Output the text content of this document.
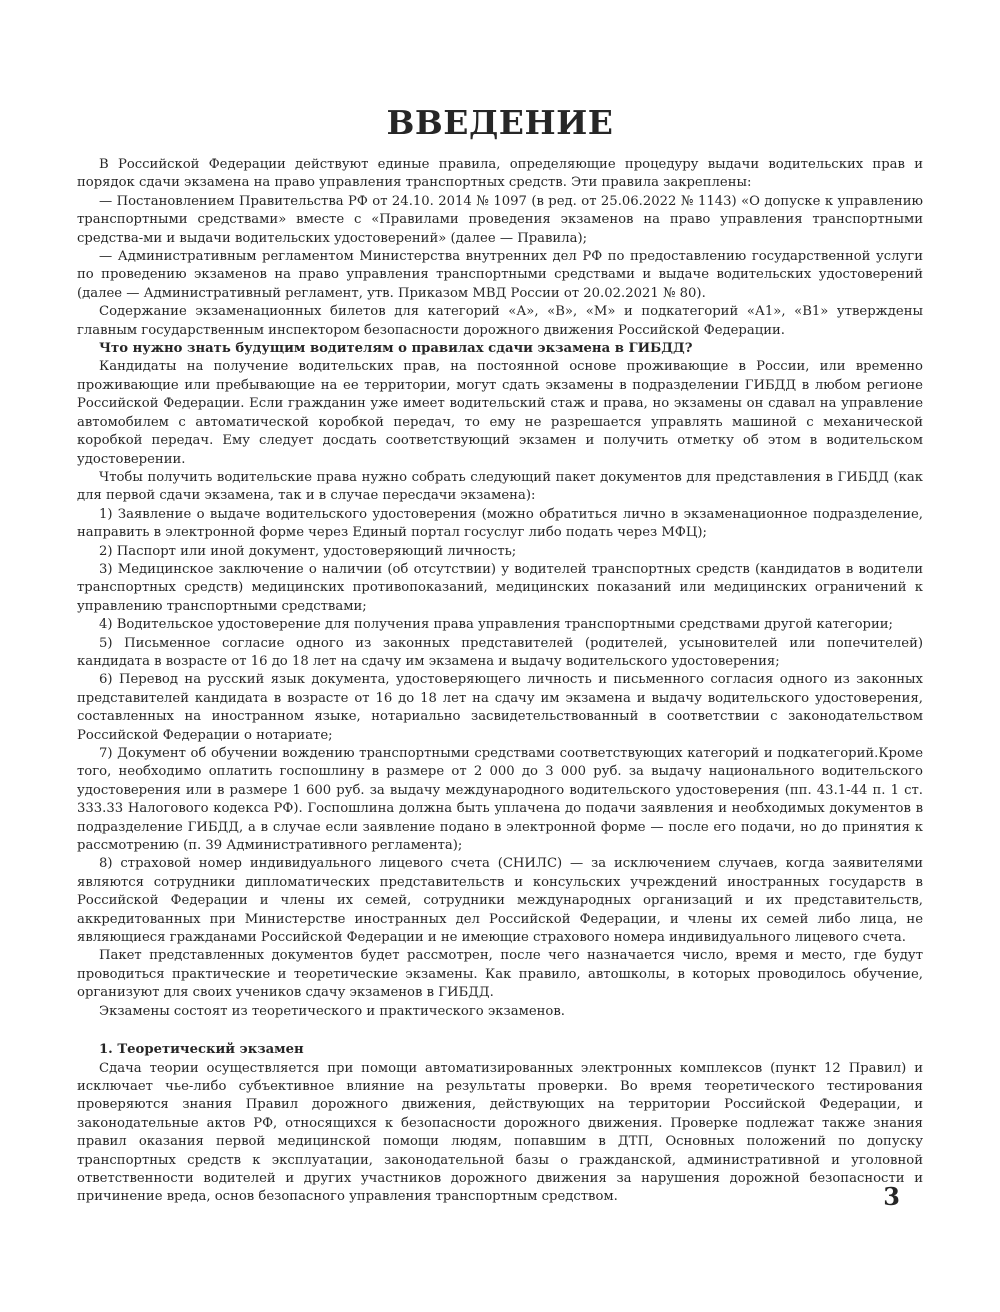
ВВЕДЕНИЕ

В Российской Федерации действуют единые правила, определяющие процедуру выдачи водительских прав и порядок сдачи экзамена на право управления транспортных средств. Эти правила закреплены:

— Постановлением Правительства РФ от 24.10. 2014 № 1097 (в ред. от 25.06.2022 № 1143) «О допуске к управлению транспортными средствами» вместе с «Правилами проведения экзаменов на право управления транспортными средства-ми и выдачи водительских удостоверений» (далее — Правила);

— Административным регламентом Министерства внутренних дел РФ по предоставлению государственной услуги по проведению экзаменов на право управления транспортными средствами и выдаче водительских удостоверений (далее — Административный регламент, утв. Приказом МВД России от 20.02.2021 № 80).

Содержание экзаменационных билетов для категорий «А», «В», «М» и подкатегорий «А1», «В1» утверждены главным государственным инспектором безопасности дорожного движения Российской Федерации.

Что нужно знать будущим водителям о правилах сдачи экзамена в ГИБДД?

Кандидаты на получение водительских прав, на постоянной основе проживающие в России, или временно проживающие или пребывающие на ее территории, могут сдать экзамены в подразделении ГИБДД в любом регионе Российской Федерации. Если гражданин уже имеет водительский стаж и права, но экзамены он сдавал на управление автомобилем с автоматической коробкой передач, то ему не разрешается управлять машиной с механической коробкой передач. Ему следует досдать соответствующий экзамен и получить отметку об этом в водительском удостоверении.

Чтобы получить водительские права нужно собрать следующий пакет документов для представления в ГИБДД (как для первой сдачи экзамена, так и в случае пересдачи экзамена):

1) Заявление о выдаче водительского удостоверения (можно обратиться лично в экзаменационное подразделение, направить в электронной форме через Единый портал госуслуг либо подать через МФЦ);

2) Паспорт или иной документ, удостоверяющий личность;

3) Медицинское заключение о наличии (об отсутствии) у водителей транспортных средств (кандидатов в водители транспортных средств) медицинских противопоказаний, медицинских показаний или медицинских ограничений к управлению транспортными средствами;

4) Водительское удостоверение для получения права управления транспортными средствами другой категории;

5) Письменное согласие одного из законных представителей (родителей, усыновителей или попечителей) кандидата в возрасте от 16 до 18 лет на сдачу им экзамена и выдачу водительского удостоверения;

6) Перевод на русский язык документа, удостоверяющего личность и письменного согласия одного из законных представителей кандидата в возрасте от 16 до 18 лет на сдачу им экзамена и выдачу водительского удостоверения, составленных на иностранном языке, нотариально засвидетельствованный в соответствии с законодательством Российской Федерации о нотариате;

7) Документ об обучении вождению транспортными средствами соответствующих категорий и подкатегорий.Кроме того, необходимо оплатить госпошлину в размере от 2 000 до 3 000 руб. за выдачу национального водительского удостоверения или в размере 1 600 руб. за выдачу международного водительского удостоверения (пп. 43.1-44 п. 1 ст. 333.33 Налогового кодекса РФ). Госпошлина должна быть уплачена до подачи заявления и необходимых документов в подразделение ГИБДД, а в случае если заявление подано в электронной форме — после его подачи, но до принятия к рассмотрению (п. 39 Административного регламента);

8) страховой номер индивидуального лицевого счета (СНИЛС) — за исключением случаев, когда заявителями являются сотрудники дипломатических представительств и консульских учреждений иностранных государств в Российской Федерации и члены их семей, сотрудники международных организаций и их представительств, аккредитованных при Министерстве иностранных дел Российской Федерации, и члены их семей либо лица, не являющиеся гражданами Российской Федерации и не имеющие страхового номера индивидуального лицевого счета.

Пакет представленных документов будет рассмотрен, после чего назначается число, время и место, где будут проводиться практические и теоретические экзамены. Как правило, автошколы, в которых проводилось обучение, организуют для своих учеников сдачу экзаменов в ГИБДД.

Экзамены состоят из теоретического и практического экзаменов.

1. Теоретический экзамен

Сдача теории осуществляется при помощи автоматизированных электронных комплексов (пункт 12 Правил) и исключает чье-либо субъективное влияние на результаты проверки. Во время теоретического тестирования проверяются знания Правил дорожного движения, действующих на территории Российской Федерации, и законодательные актов РФ, относящихся к безопасности дорожного движения. Проверке подлежат также знания правил оказания первой медицинской помощи людям, попавшим в ДТП, Основных положений по допуску транспортных средств к эксплуатации, законодательной базы о гражданской, административной и уголовной ответственности водителей и других участников дорожного движения за нарушения дорожной безопасности и причинение вреда, основ безопасного управления транспортным средством.	3
